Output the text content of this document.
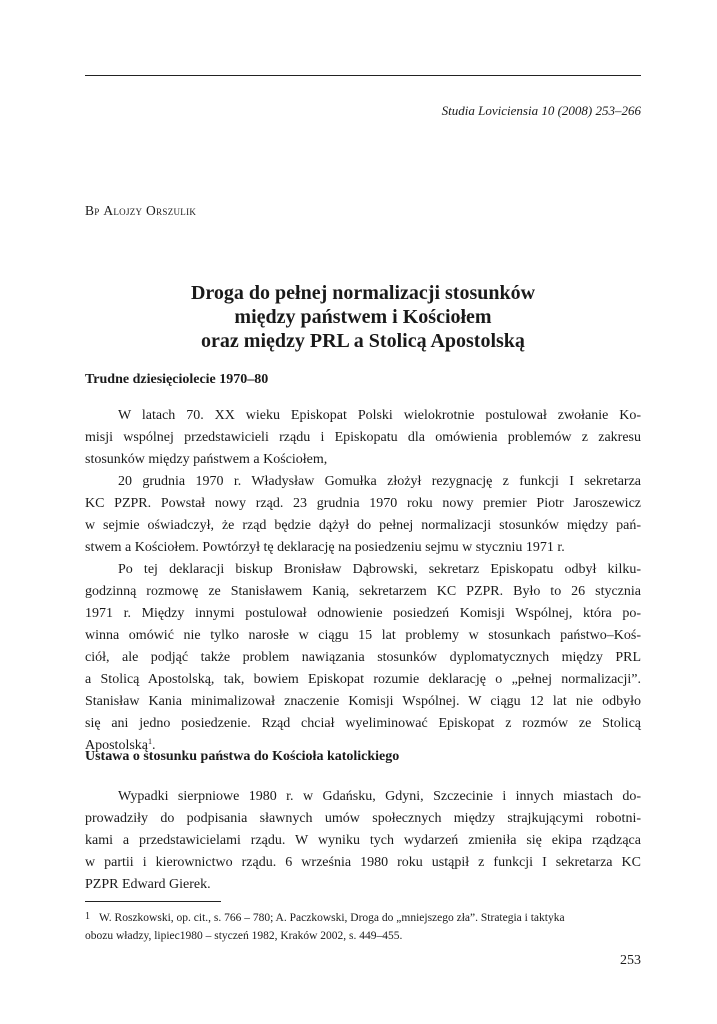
Studia Loviciensia 10 (2008) 253–266
Bp Alojzy Orszulik
Droga do pełnej normalizacji stosunków
między państwem i Kościołem
oraz między PRL a Stolicą Apostolską
Trudne dziesięciolecie 1970–80
W latach 70. XX wieku Episkopat Polski wielokrotnie postulował zwołanie Ko-
misji wspólnej przedstawicieli rządu i Episkopatu dla omówienia problemów z zakresu
stosunków między państwem a Kościołem,
20 grudnia 1970 r. Władysław Gomułka złożył rezygnację z funkcji I sekretarza
KC PZPR. Powstał nowy rząd. 23 grudnia 1970 roku nowy premier Piotr Jaroszewicz
w sejmie oświadczył, że rząd będzie dążył do pełnej normalizacji stosunków między pań-
stwem a Kościołem. Powtórzył tę deklarację na posiedzeniu sejmu w styczniu 1971 r.
Po tej deklaracji biskup Bronisław Dąbrowski, sekretarz Episkopatu odbył kilku-
godzinną rozmowę ze Stanisławem Kanią, sekretarzem KC PZPR. Było to 26 stycznia
1971 r. Między innymi postulował odnowienie posiedzeń Komisji Wspólnej, która po-
winna omówić nie tylko narosłe w ciągu 15 lat problemy w stosunkach państwo–Koś-
ciół, ale podjąć także problem nawiązania stosunków dyplomatycznych między PRL
a Stolicą Apostolską, tak, bowiem Episkopat rozumie deklarację o „pełnej normalizacji”.
Stanisław Kania minimalizował znaczenie Komisji Wspólnej. W ciągu 12 lat nie odbyło
się ani jedno posiedzenie. Rząd chciał wyeliminować Episkopat z rozmów ze Stolicą
Apostolską$^1$.
Ustawa o stosunku państwa do Kościoła katolickiego
Wypadki sierpniowe 1980 r. w Gdańsku, Gdyni, Szczecinie i innych miastach do-
prowadziły do podpisania sławnych umów społecznych między strajkującymi robotni-
kami a przedstawicielami rządu. W wyniku tych wydarzeń zmieniła się ekipa rządząca
w partii i kierownictwo rządu. 6 września 1980 roku ustąpił z funkcji I sekretarza KC
PZPR Edward Gierek.
1 W. Roszkowski, op. cit., s. 766 – 780; A. Paczkowski, Droga do „mniejszego zła”. Strategia i taktyka
obozu władzy, lipiec1980 – styczeń 1982, Kraków 2002, s. 449–455.
253
